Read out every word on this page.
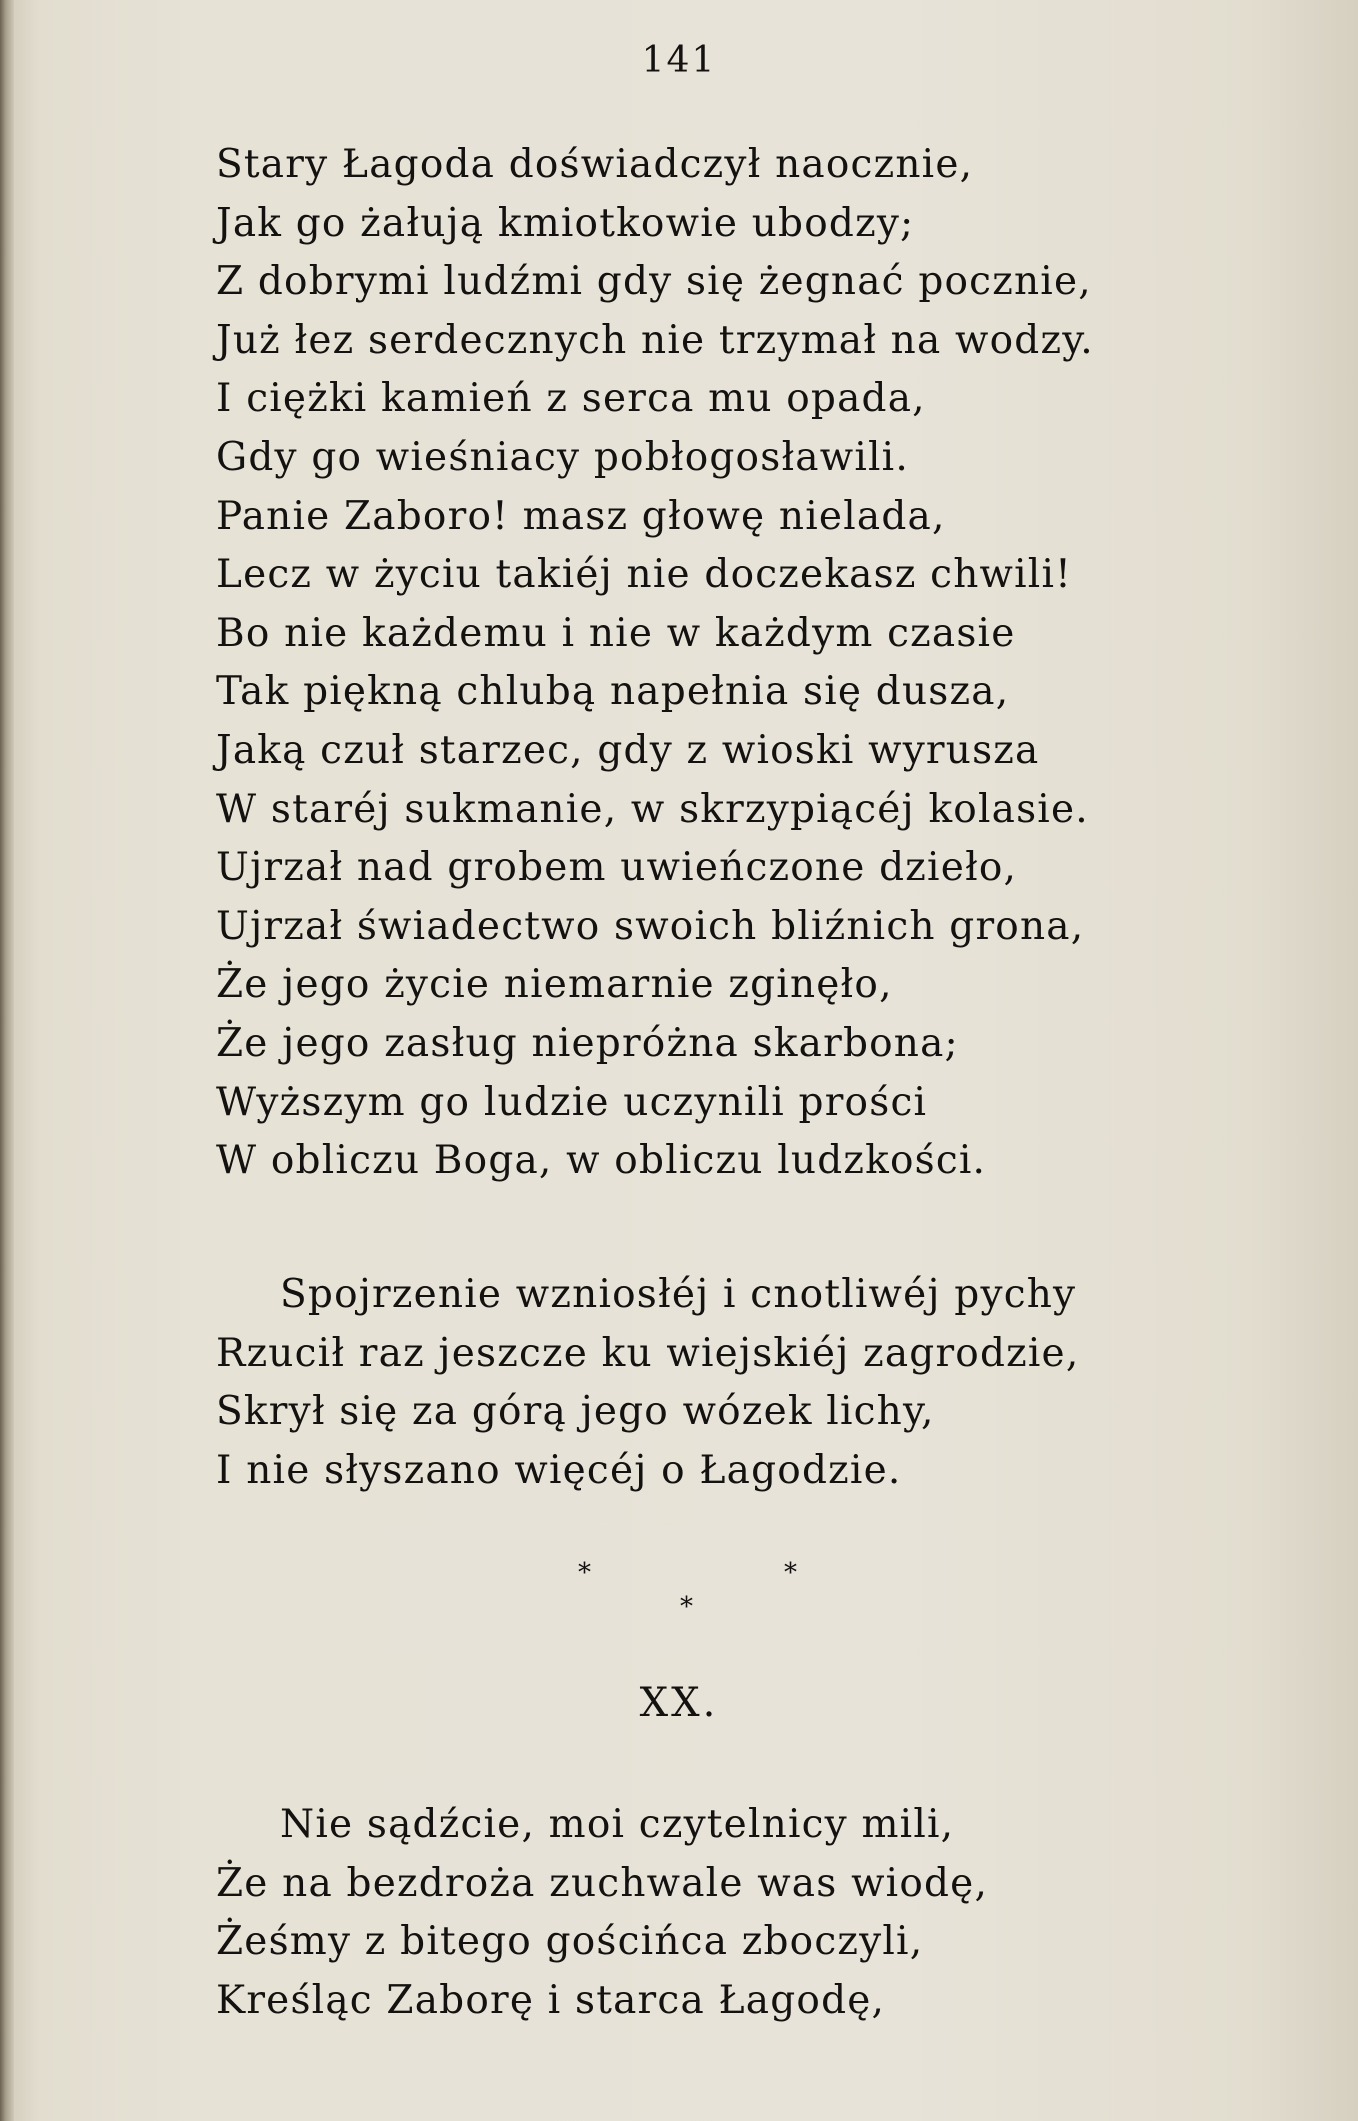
141
Stary Łagoda doświadczył naocznie,
Jak go żałują kmiotkowie ubodzy;
Z dobrymi ludźmi gdy się żegnać pocznie,
Już łez serdecznych nie trzymał na wodzy.
I ciężki kamień z serca mu opada,
Gdy go wieśniacy pobłogosławili.
Panie Zaboro! masz głowę nielada,
Lecz w życiu takiéj nie doczekasz chwili!
Bo nie każdemu i nie w każdym czasie
Tak piękną chlubą napełnia się dusza,
Jaką czuł starzec, gdy z wioski wyrusza
W staréj sukmanie, w skrzypiącéj kolasie.
Ujrzał nad grobem uwieńczone dzieło,
Ujrzał świadectwo swoich bliźnich grona,
Że jego życie niemarnie zginęło,
Że jego zasług niepróżna skarbona;
Wyższym go ludzie uczynili prości
W obliczu Boga, w obliczu ludzkości.
Spojrzenie wzniosłéj i cnotliwéj pychy
Rzucił raz jeszcze ku wiejskiéj zagrodzie,
Skrył się za górą jego wózek lichy,
I nie słyszano więcéj o Łagodzie.
*	*
*
XX.
Nie sądźcie, moi czytelnicy mili,
Że na bezdroża zuchwale was wiodę,
Żeśmy z bitego gościńca zboczyli,
Kreśląc Zaborę i starca Łagodę,
